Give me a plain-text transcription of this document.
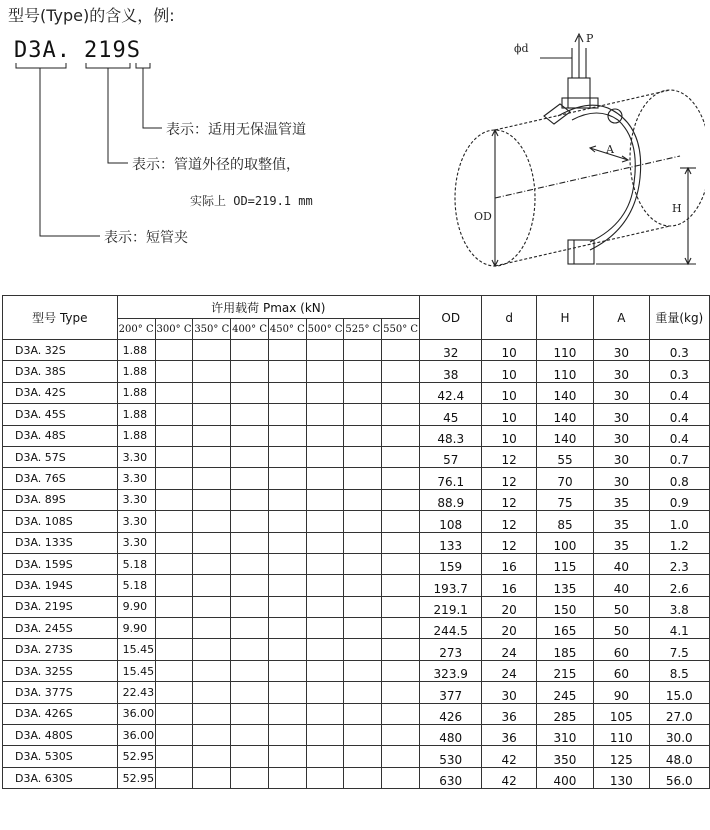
型号(Type)的含义，例:
D3A. 219S
表示：适用无保温管道
表示：管道外径的取整值，
实际上 OD=219.1 mm
表示：短管夹
ϕd
P
A
OD
H
型号 Type	许用载荷 Pmax (kN)								OD	d	H	A	重量(kg)
	200° C	300° C	350° C	400° C	450° C	500° C	525° C	550° C					
D3A. 32S	1.88								32	10	110	30	0.3
D3A. 38S	1.88								38	10	110	30	0.3
D3A. 42S	1.88								42.4	10	140	30	0.4
D3A. 45S	1.88								45	10	140	30	0.4
D3A. 48S	1.88								48.3	10	140	30	0.4
D3A. 57S	3.30								57	12	55	30	0.7
D3A. 76S	3.30								76.1	12	70	30	0.8
D3A. 89S	3.30								88.9	12	75	35	0.9
D3A. 108S	3.30								108	12	85	35	1.0
D3A. 133S	3.30								133	12	100	35	1.2
D3A. 159S	5.18								159	16	115	40	2.3
D3A. 194S	5.18								193.7	16	135	40	2.6
D3A. 219S	9.90								219.1	20	150	50	3.8
D3A. 245S	9.90								244.5	20	165	50	4.1
D3A. 273S	15.45								273	24	185	60	7.5
D3A. 325S	15.45								323.9	24	215	60	8.5
D3A. 377S	22.43								377	30	245	90	15.0
D3A. 426S	36.00								426	36	285	105	27.0
D3A. 480S	36.00								480	36	310	110	30.0
D3A. 530S	52.95								530	42	350	125	48.0
D3A. 630S	52.95								630	42	400	130	56.0
